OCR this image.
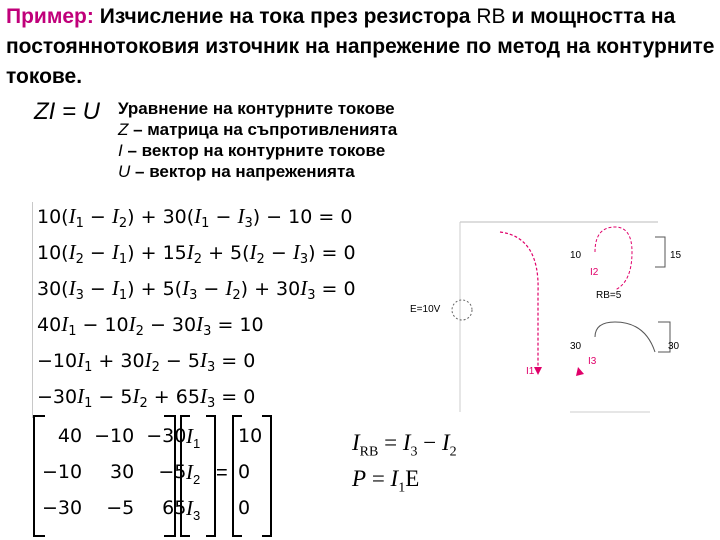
Пример: Изчисление на тока през резистора RB и мощността на постояннотоковия източник на напрежение по метод на контурните токове.

ZI = U Уравнение на контурните токове
Z – матрица на съпротивленията
I – вектор на контурните токове
U – вектор на напреженията
$10(I_1 - I_2) + 30(I_1 - I_3) - 10 = 0$
$10(I_2 - I_1) + 15I_2 + 5(I_2 - I_3) = 0$
$30(I_3 - I_1) + 5(I_3 - I_2) + 30I_3 = 0$
$40I_1 - 10I_2 - 30I_3 = 10$
$-10I_1 + 30I_2 - 5I_3 = 0$
$-30I_1 - 5I_2 + 65I_3 = 0$
40	−10	−30
−10	30	−5
−30	−5	65
$I_1$
$I_2$
$I_3$
=
10
0
0
$I_{RB} = I_3 - I_2$
$P = I_1E$
10	15
I2
RB=5
E=10V
30	30
I3
I1
